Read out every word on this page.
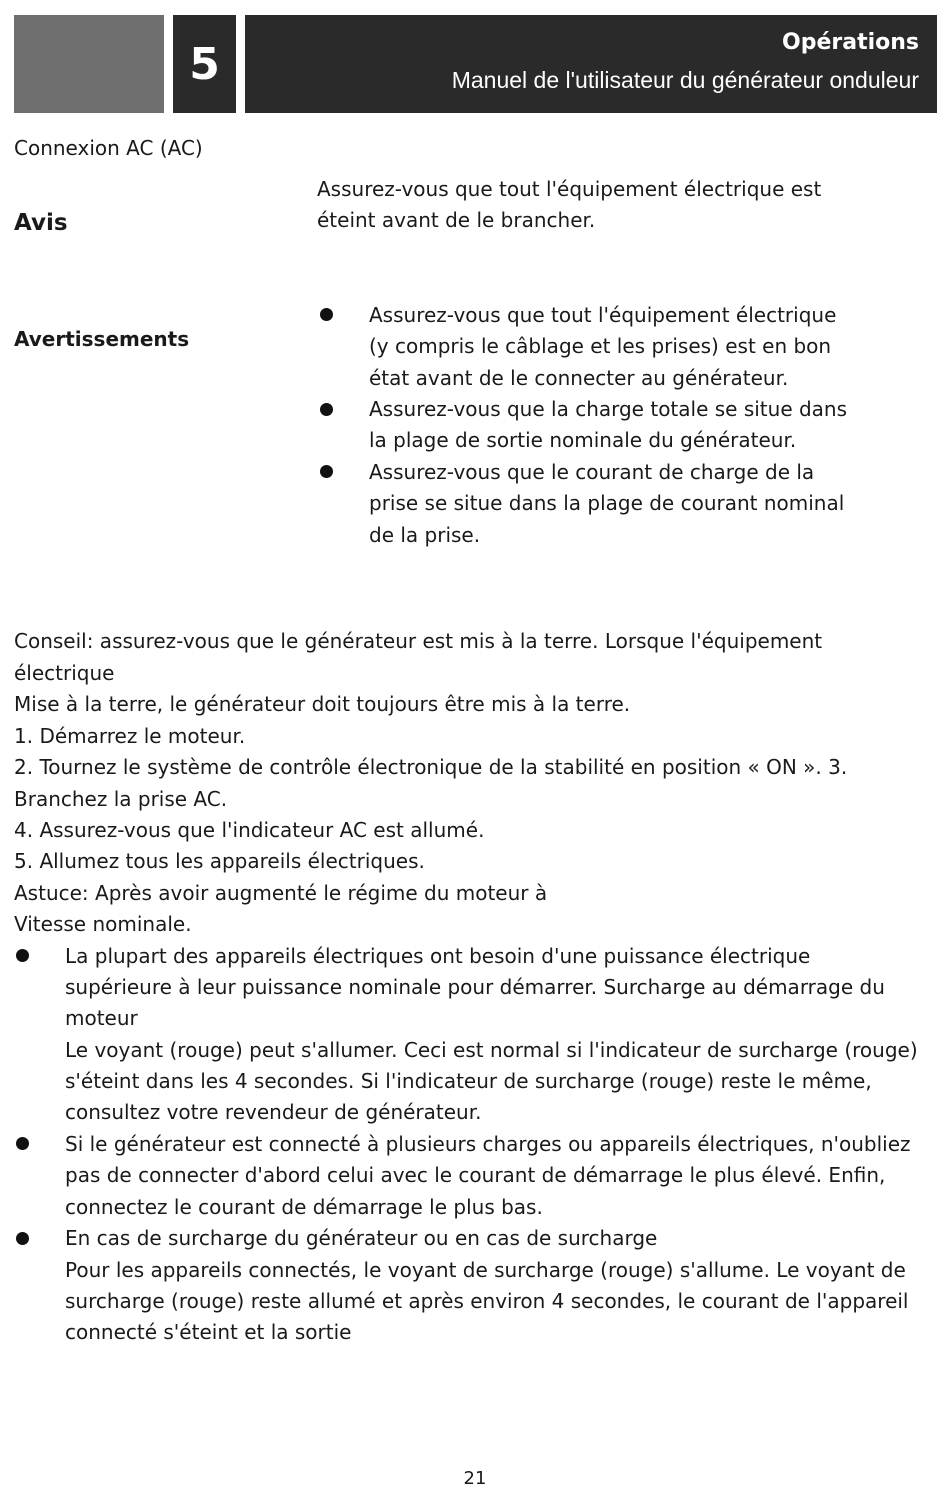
5	Opérations
Manuel de l'utilisateur du générateur onduleur
Connexion AC (AC)
Avis
Assurez-vous que tout l'équipement électrique est
éteint avant de le brancher.
Avertissements
Assurez-vous que tout l'équipement électrique
(y compris le câblage et les prises) est en bon
état avant de le connecter au générateur.
Assurez-vous que la charge totale se situe dans
la plage de sortie nominale du générateur.
Assurez-vous que le courant de charge de la
prise se situe dans la plage de courant nominal
de la prise.
Conseil: assurez-vous que le générateur est mis à la terre. Lorsque l'équipement
électrique
Mise à la terre, le générateur doit toujours être mis à la terre.
1. Démarrez le moteur.
2. Tournez le système de contrôle électronique de la stabilité en position « ON ». 3.
Branchez la prise AC.
4. Assurez-vous que l'indicateur AC est allumé.
5. Allumez tous les appareils électriques.
Astuce: Après avoir augmenté le régime du moteur à
Vitesse nominale.
La plupart des appareils électriques ont besoin d'une puissance électrique
supérieure à leur puissance nominale pour démarrer. Surcharge au démarrage du
moteur
Le voyant (rouge) peut s'allumer. Ceci est normal si l'indicateur de surcharge (rouge)
s'éteint dans les 4 secondes. Si l'indicateur de surcharge (rouge) reste le même,
consultez votre revendeur de générateur.
Si le générateur est connecté à plusieurs charges ou appareils électriques, n'oubliez
pas de connecter d'abord celui avec le courant de démarrage le plus élevé. Enfin,
connectez le courant de démarrage le plus bas.
En cas de surcharge du générateur ou en cas de surcharge
Pour les appareils connectés, le voyant de surcharge (rouge) s'allume. Le voyant de
surcharge (rouge) reste allumé et après environ 4 secondes, le courant de l'appareil
connecté s'éteint et la sortie
21
